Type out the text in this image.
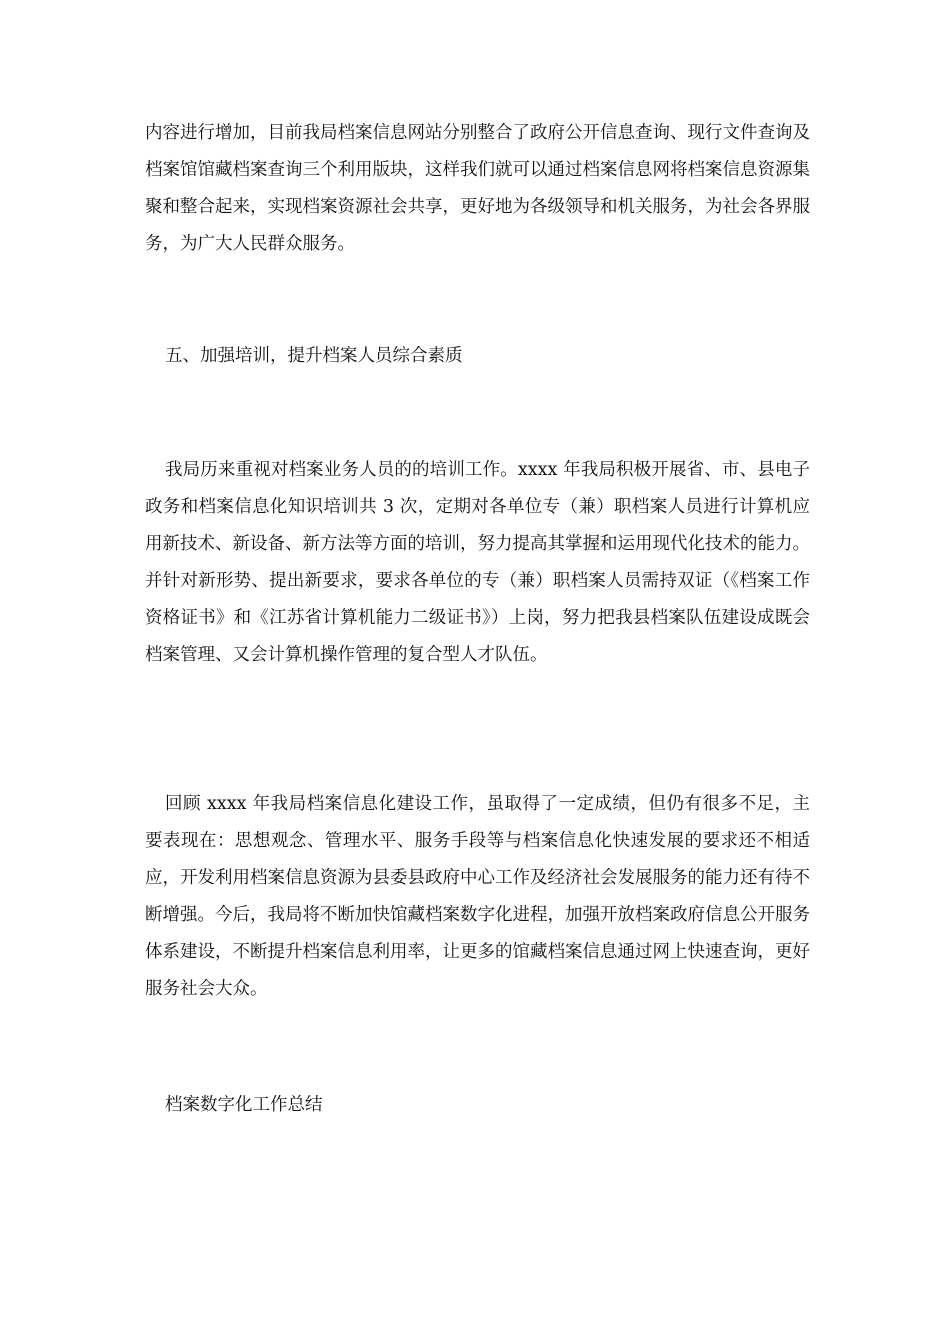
内容进行增加，目前我局档案信息网站分别整合了政府公开信息查询、现行文件查询及档案馆馆藏档案查询三个利用版块，这样我们就可以通过档案信息网将档案信息资源集聚和整合起来，实现档案资源社会共享，更好地为各级领导和机关服务，为社会各界服务，为广大人民群众服务。

五、加强培训，提升档案人员综合素质

我局历来重视对档案业务人员的的培训工作。xxxx 年我局积极开展省、市、县电子政务和档案信息化知识培训共 3 次，定期对各单位专（兼）职档案人员进行计算机应用新技术、新设备、新方法等方面的培训，努力提高其掌握和运用现代化技术的能力。并针对新形势、提出新要求，要求各单位的专（兼）职档案人员需持双证（《档案工作资格证书》和《江苏省计算机能力二级证书》）上岗，努力把我县档案队伍建设成既会档案管理、又会计算机操作管理的复合型人才队伍。

回顾 xxxx 年我局档案信息化建设工作，虽取得了一定成绩，但仍有很多不足，主要表现在：思想观念、管理水平、服务手段等与档案信息化快速发展的要求还不相适应，开发利用档案信息资源为县委县政府中心工作及经济社会发展服务的能力还有待不断增强。今后，我局将不断加快馆藏档案数字化进程，加强开放档案政府信息公开服务体系建设，不断提升档案信息利用率，让更多的馆藏档案信息通过网上快速查询，更好服务社会大众。

档案数字化工作总结
